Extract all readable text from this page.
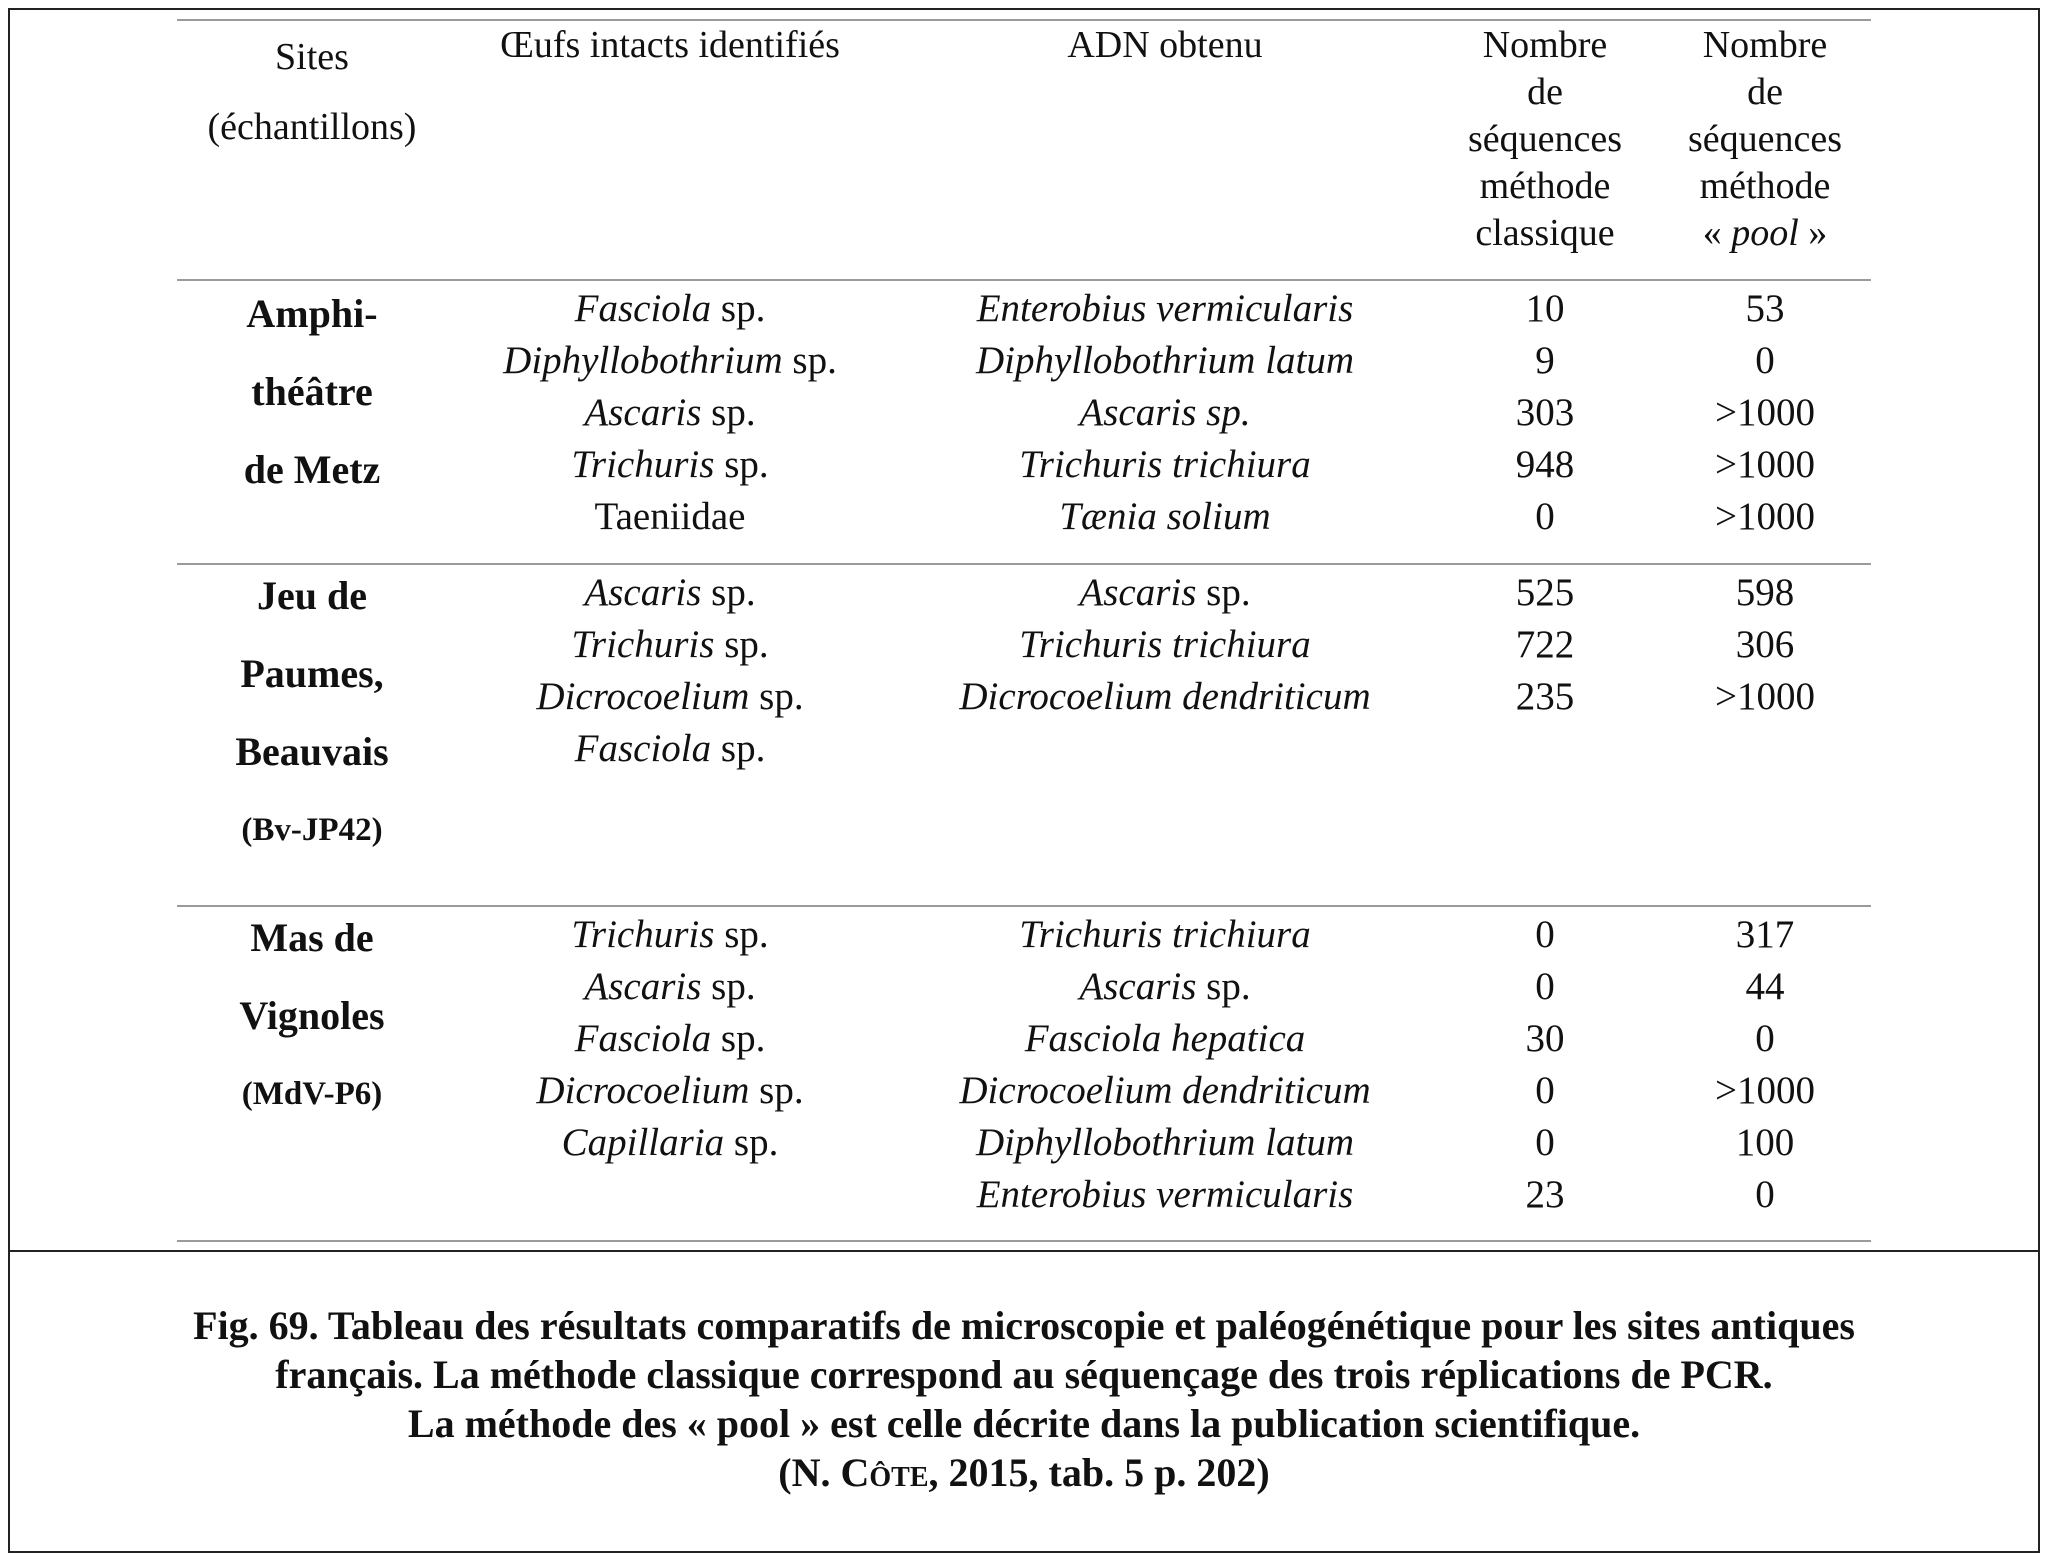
Sites
(échantillons)
Œufs intacts identifiés	ADN obtenu	Nombre
de
séquences
méthode
classique
Nombre
de
séquences
méthode
« pool »
Amphi-
théâtre
de Metz
Fasciola sp.
Diphyllobothrium sp.
Ascaris sp.
Trichuris sp.
Taeniidae
Enterobius vermicularis
Diphyllobothrium latum
Ascaris sp.
Trichuris trichiura
Tænia solium
10
9
303
948
0
53
0
>1000
>1000
>1000
Jeu de
Paumes,
Beauvais
(Bv-JP42)
Ascaris sp.
Trichuris sp.
Dicrocoelium sp.
Fasciola sp.
Ascaris sp.
Trichuris trichiura
Dicrocoelium dendriticum
525
722
235
598
306
>1000
Mas de
Vignoles
(MdV-P6)
Trichuris sp.
Ascaris sp.
Fasciola sp.
Dicrocoelium sp.
Capillaria sp.
Trichuris trichiura
Ascaris sp.
Fasciola hepatica
Dicrocoelium dendriticum
Diphyllobothrium latum
Enterobius vermicularis
0
0
30
0
0
23
317
44
0
>1000
100
0
Fig. 69. Tableau des résultats comparatifs de microscopie et paléogénétique pour les sites antiques
français. La méthode classique correspond au séquençage des trois réplications de PCR.
La méthode des « pool » est celle décrite dans la publication scientifique.
(N. Côte, 2015, tab. 5 p. 202)
